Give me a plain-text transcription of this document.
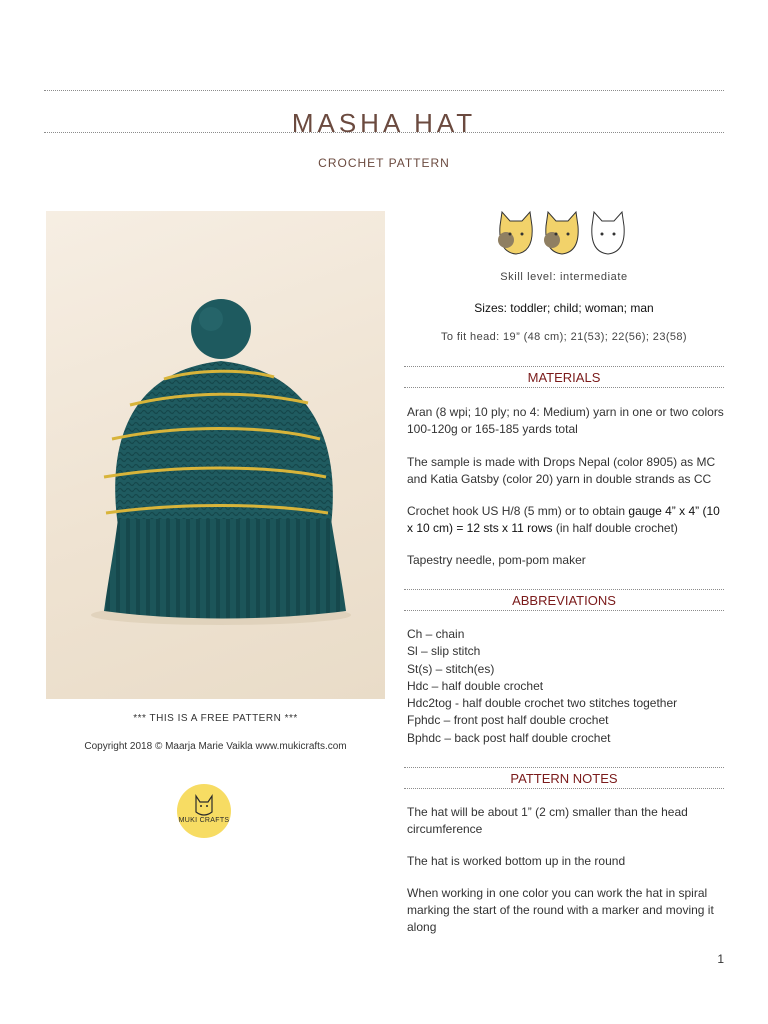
MASHA HAT
CROCHET PATTERN
*** THIS IS A FREE PATTERN ***
Copyright 2018 © Maarja Marie Vaikla www.mukicrafts.com
MUKI CRAFTS
Skill level: intermediate
Sizes: toddler; child; woman; man
To fit head: 19” (48 cm); 21(53); 22(56); 23(58)
MATERIALS
Aran (8 wpi; 10 ply; no 4: Medium) yarn in one or two colors 100-120g or 165-185 yards total
The sample is made with Drops Nepal (color 8905) as MC and Katia Gatsby (color 20) yarn in double strands as CC
Crochet hook US H/8 (5 mm) or to obtain gauge 4” x 4” (10 x 10 cm) = 12 sts x 11 rows (in half double crochet)
Tapestry needle, pom-pom maker
ABBREVIATIONS
Ch – chain
Sl – slip stitch
St(s) – stitch(es)
Hdc – half double crochet
Hdc2tog - half double crochet two stitches together
Fphdc – front post half double crochet
Bphdc – back post half double crochet
PATTERN NOTES
The hat will be about 1” (2 cm) smaller than the head circumference
The hat is worked bottom up in the round
When working in one color you can work the hat in spiral marking the start of the round with a marker and moving it along
1
